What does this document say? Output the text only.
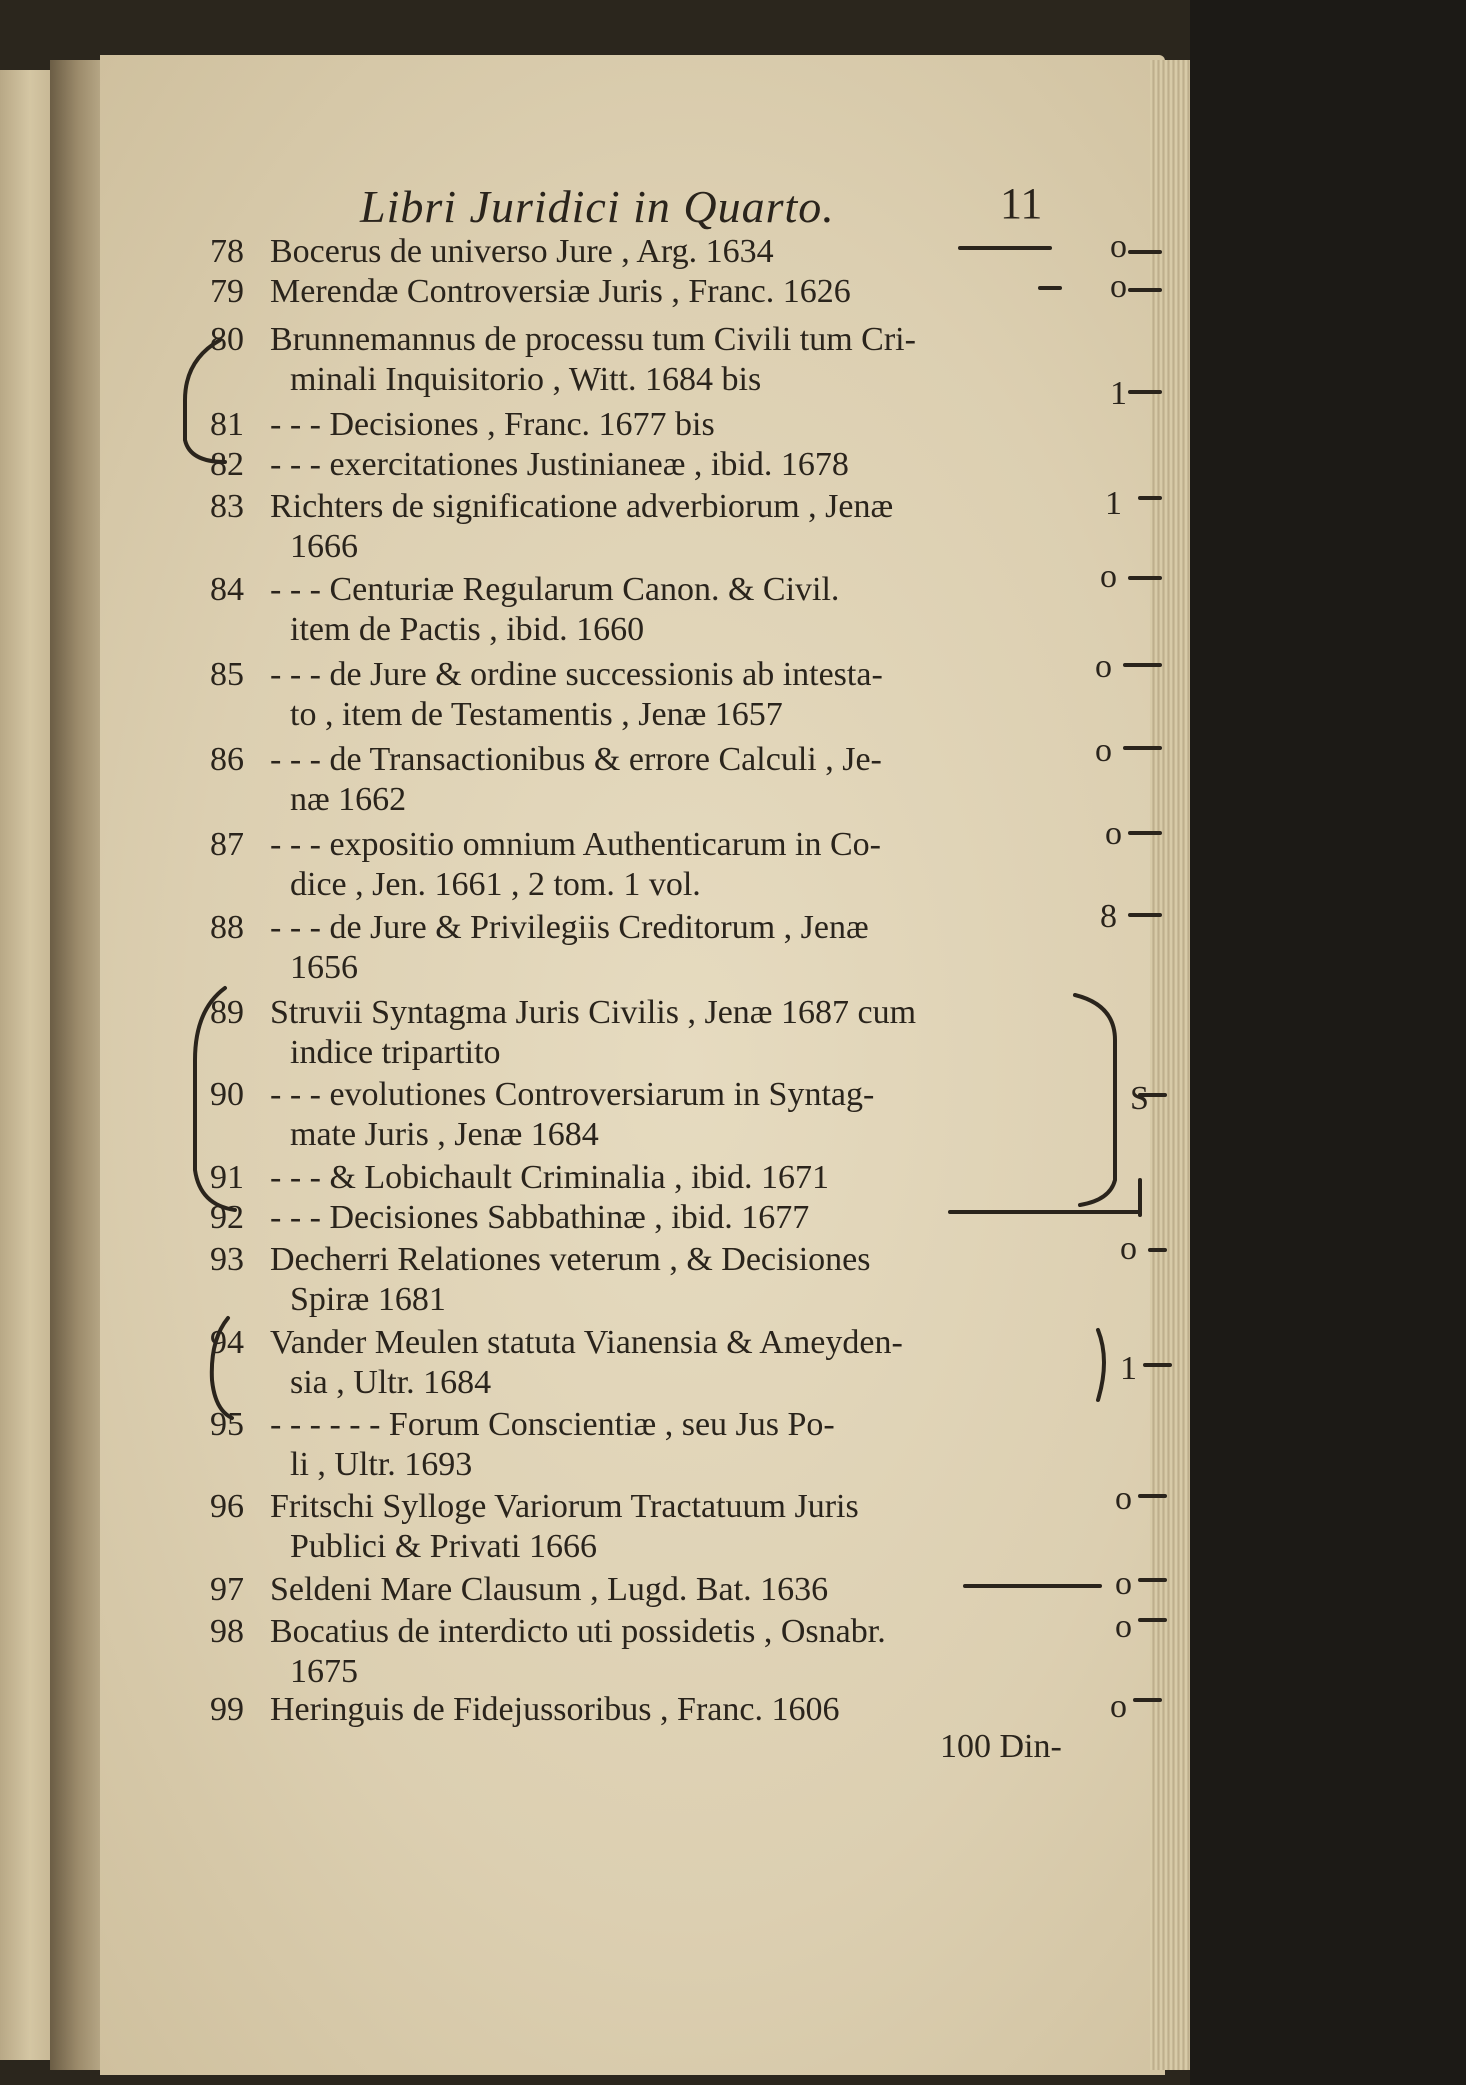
Libri Juridici in Quarto.	11
78 Bocerus de universo Jure , Arg. 1634
79 Merendæ Controversiæ Juris , Franc. 1626
80 Brunnemannus de processu tum Civili tum Cri-
minali Inquisitorio , Witt. 1684 bis
81 - - - Decisiones , Franc. 1677 bis
82 - - - exercitationes Justinianeæ , ibid. 1678
83 Richters de significatione adverbiorum , Jenæ
1666
84 - - - Centuriæ Regularum Canon. & Civil.
item de Pactis , ibid. 1660
85 - - - de Jure & ordine successionis ab intesta-
to , item de Testamentis , Jenæ 1657
86 - - - de Transactionibus & errore Calculi , Je-
næ 1662
87 - - - expositio omnium Authenticarum in Co-
dice , Jen. 1661 , 2 tom. 1 vol.
88 - - - de Jure & Privilegiis Creditorum , Jenæ
1656
89 Struvii Syntagma Juris Civilis , Jenæ 1687 cum
indice tripartito
90 - - - evolutiones Controversiarum in Syntag-
mate Juris , Jenæ 1684
91 - - - & Lobichault Criminalia , ibid. 1671
92 - - - Decisiones Sabbathinæ , ibid. 1677
93 Decherri Relationes veterum , & Decisiones
Spiræ 1681
94 Vander Meulen statuta Vianensia & Ameyden-
sia , Ultr. 1684
95 - - - - - - Forum Conscientiæ , seu Jus Po-
li , Ultr. 1693
96 Fritschi Sylloge Variorum Tractatuum Juris
Publici & Privati 1666
97 Seldeni Mare Clausum , Lugd. Bat. 1636
98 Bocatius de interdicto uti possidetis , Osnabr.
1675
99 Heringuis de Fidejussoribus , Franc. 1606
100 Din-
o
o
1
1
o
o
o
o
8
S
o
1
o
o
o
o
